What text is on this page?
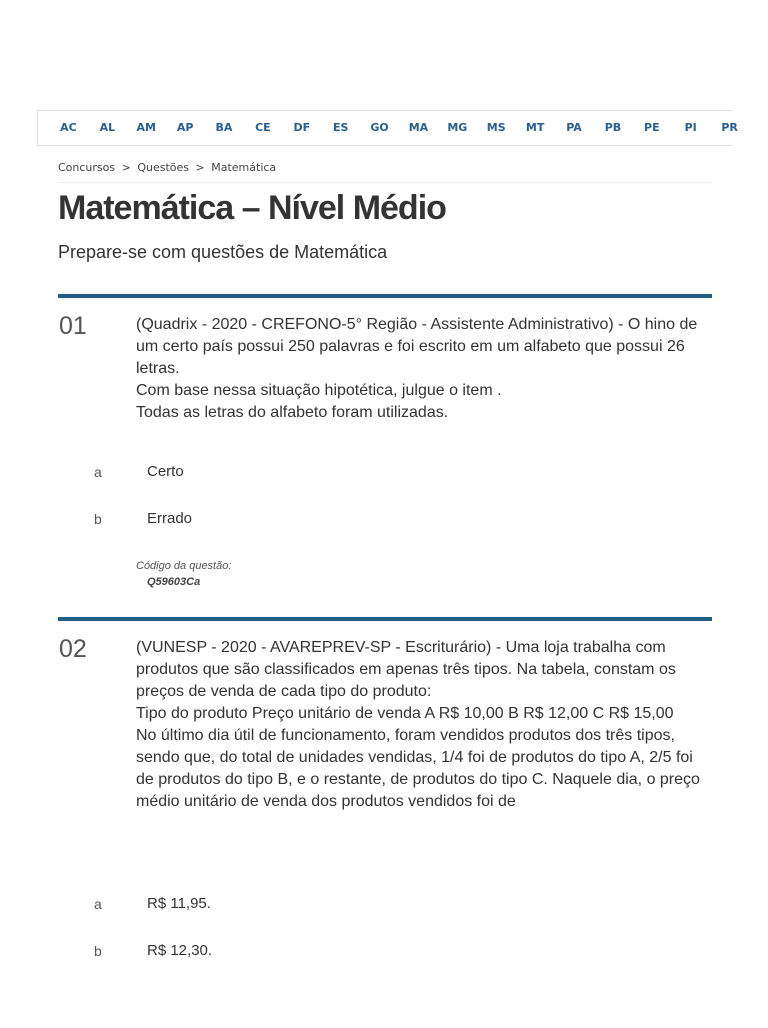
AC	AL	AM	AP	BA	CE	DF	ES	GO	MA	MG	MS	MT	PA	PB	PE	PI	PR
Concursos > Questões > Matemática
Matemática – Nível Médio

Prepare-se com questões de Matemática

01	(Quadrix - 2020 - CREFONO-5° Região - Assistente Administrativo) - O hino de um certo país possui 250 palavras e foi escrito em um alfabeto que possui 26 letras.

Com base nessa situação hipotética, julgue o item .

Todas as letras do alfabeto foram utilizadas.

a	Certo
b	Errado
Código da questão:
Q59603Ca
02	(VUNESP - 2020 - AVAREPREV-SP - Escriturário) - Uma loja trabalha com produtos que são classificados em apenas três tipos. Na tabela, constam os preços de venda de cada tipo do produto:

Tipo do produto Preço unitário de venda A R$ 10,00 B R$ 12,00 C R$ 15,00

No último dia útil de funcionamento, foram vendidos produtos dos três tipos, sendo que, do total de unidades vendidas, 1/4 foi de produtos do tipo A, 2/5 foi de produtos do tipo B, e o restante, de produtos do tipo C. Naquele dia, o preço médio unitário de venda dos produtos vendidos foi de

a	R$ 11,95.
b	R$ 12,30.
